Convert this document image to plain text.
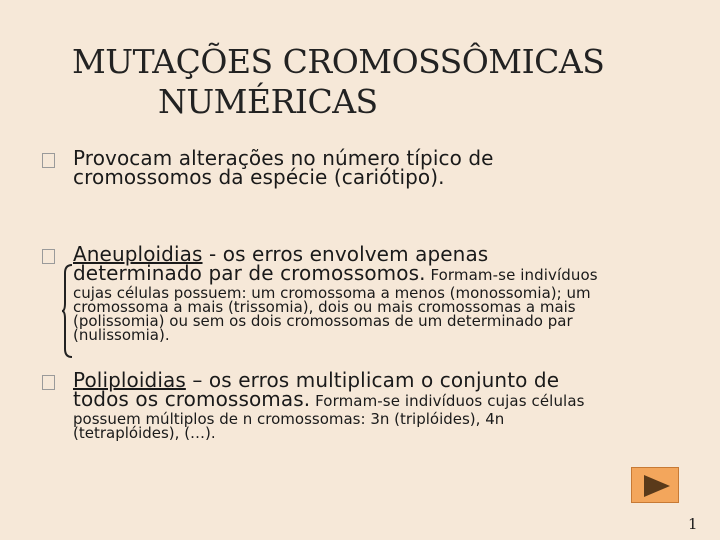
MUTAÇÕES CROMOSSÔMICAS
NUMÉRICAS
Provocam alterações no número típico de
cromossomos da espécie (cariótipo).
Aneuploidias - os erros envolvem apenas
determinado par de cromossomos. Formam-se indivíduos
cujas células possuem: um cromossoma a menos (monossomia); um
cromossoma a mais (trissomia), dois ou mais cromossomas a mais
(polissomia) ou sem os dois cromossomas de um determinado par
(nulissomia).
Poliploidias – os erros multiplicam o conjunto de
todos os cromossomas. Formam-se indivíduos cujas células
possuem múltiplos de n cromossomas: 3n (triplóides), 4n
(tetraplóides), (…).
1
